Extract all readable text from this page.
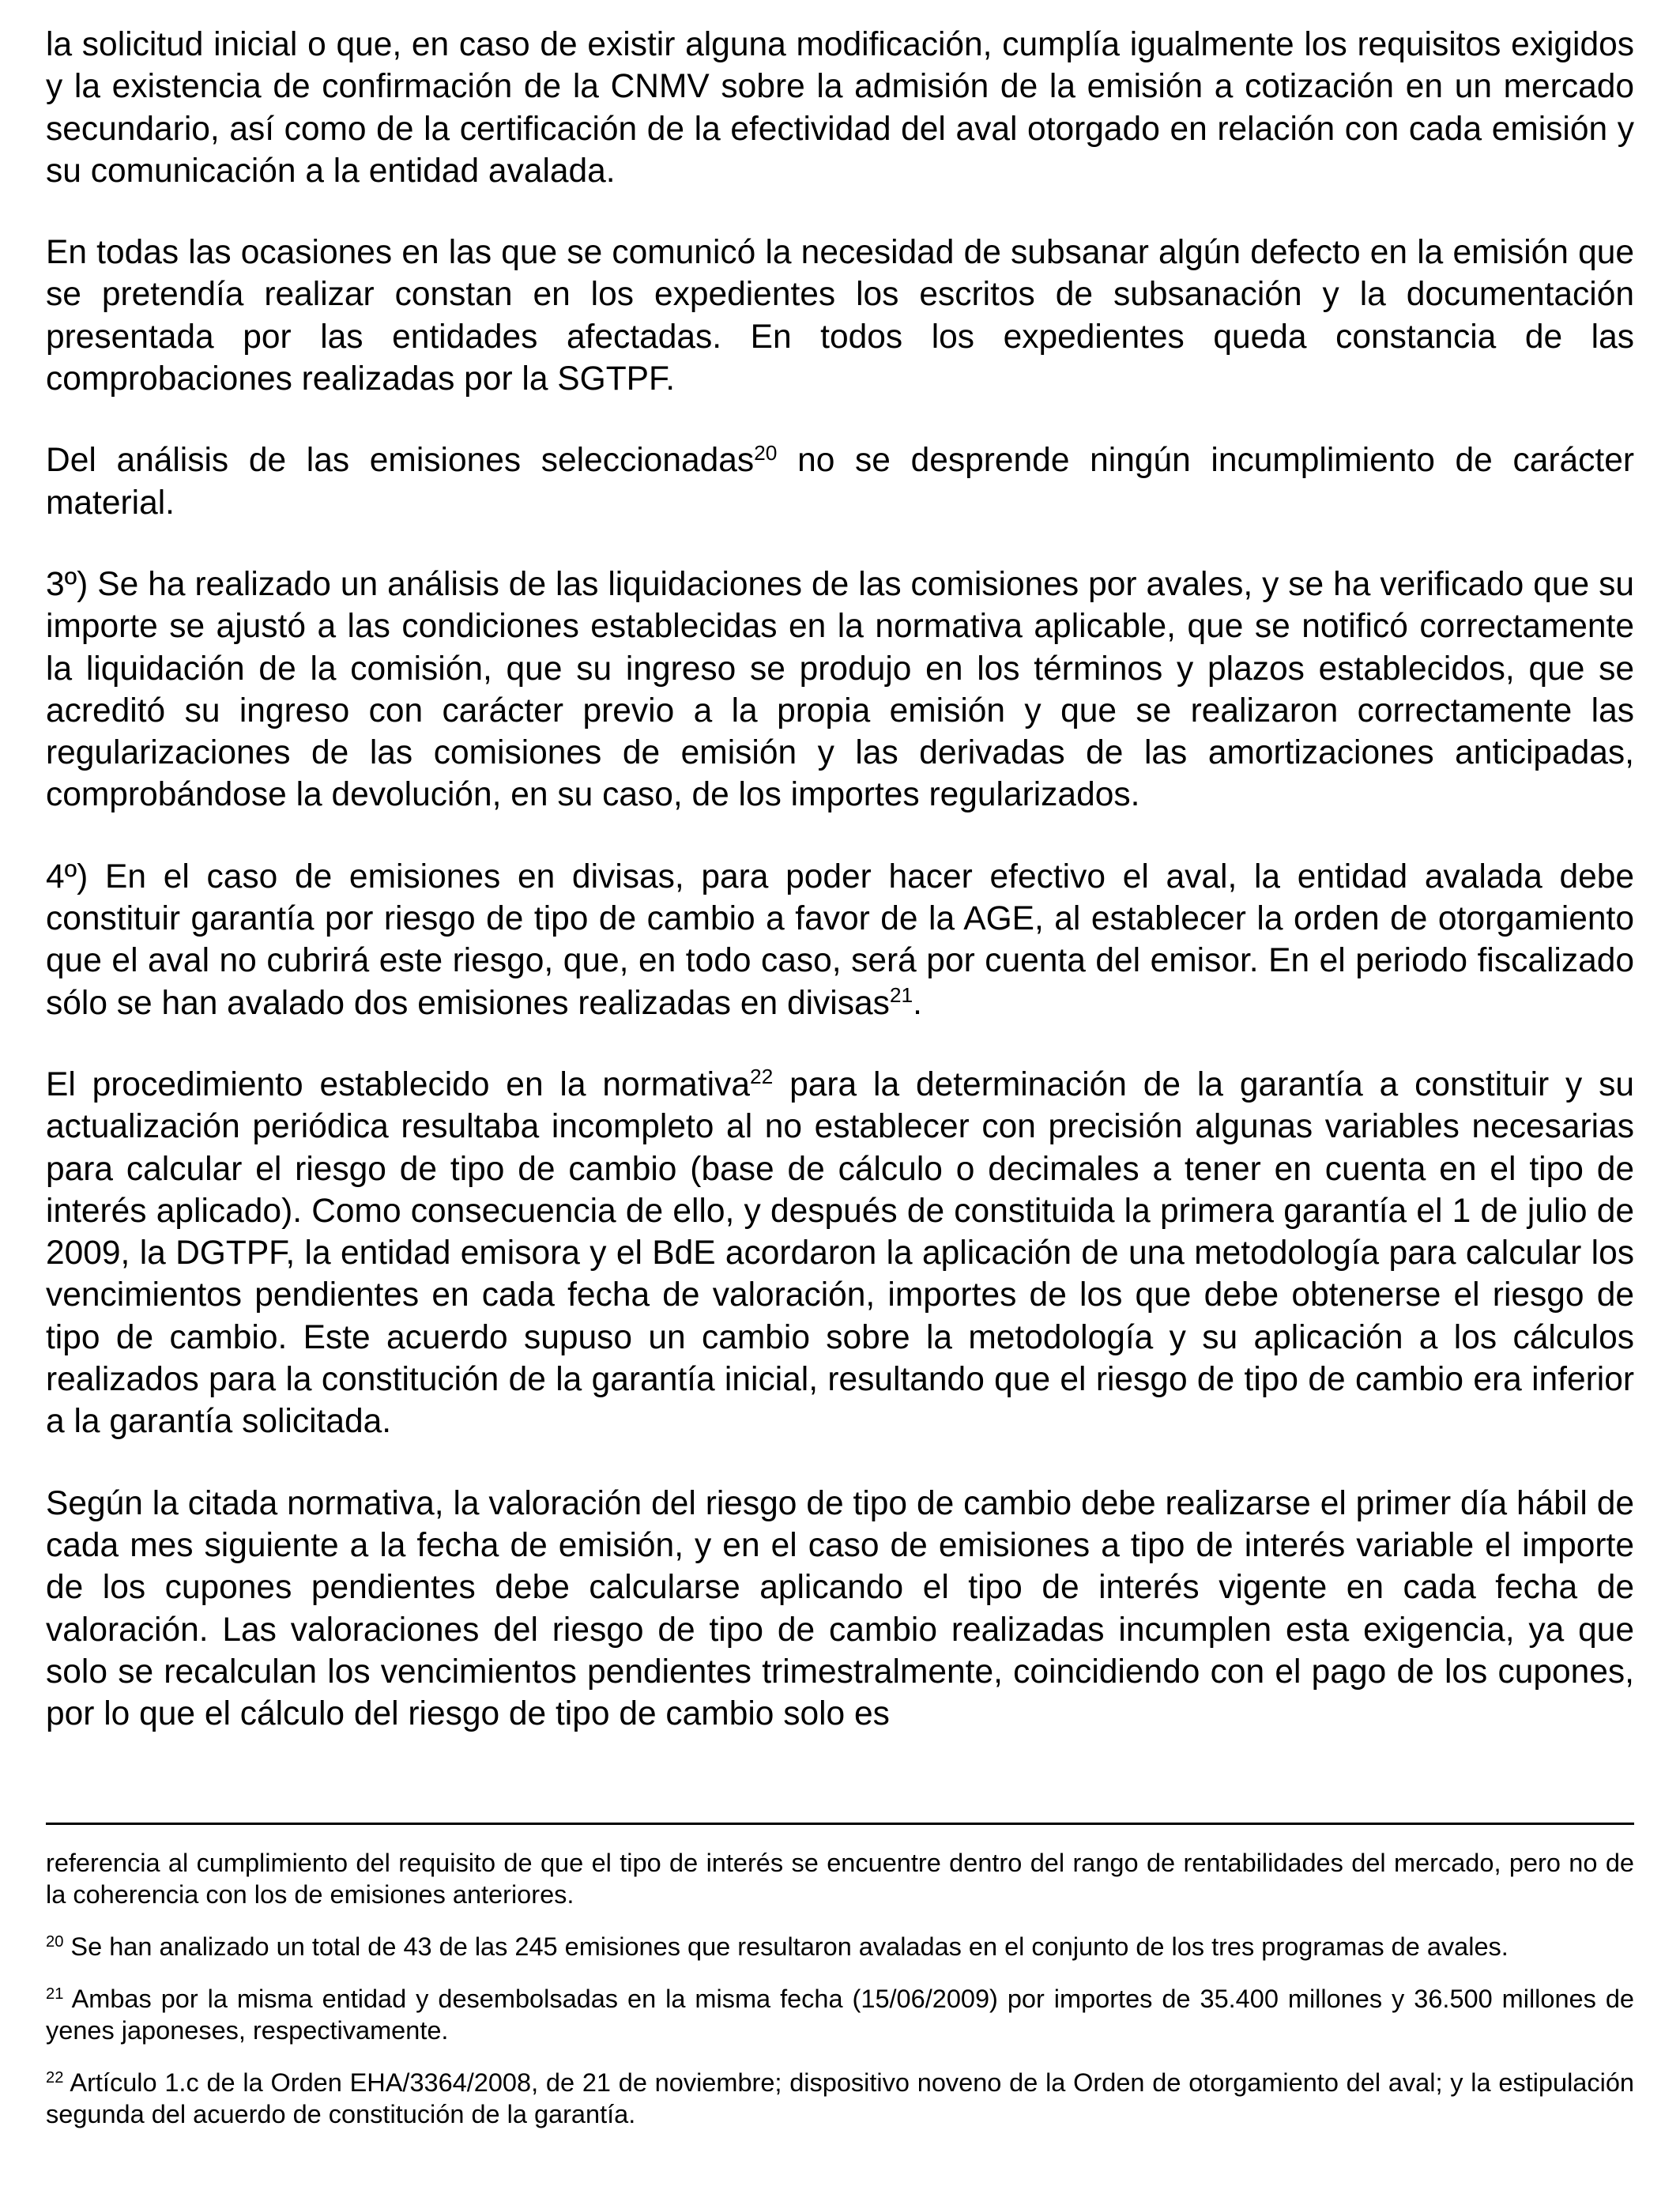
la solicitud inicial o que, en caso de existir alguna modificación, cumplía igualmente los requisitos exigidos y la existencia de confirmación de la CNMV sobre la admisión de la emisión a cotización en un mercado secundario, así como de la certificación de la efectividad del aval otorgado en relación con cada emisión y su comunicación a la entidad avalada.

En todas las ocasiones en las que se comunicó la necesidad de subsanar algún defecto en la emisión que se pretendía realizar constan en los expedientes los escritos de subsanación y la documentación presentada por las entidades afectadas. En todos los expedientes queda constancia de las comprobaciones realizadas por la SGTPF.

Del análisis de las emisiones seleccionadas$^{20}$ no se desprende ningún incumplimiento de carácter material.

3º) Se ha realizado un análisis de las liquidaciones de las comisiones por avales, y se ha verificado que su importe se ajustó a las condiciones establecidas en la normativa aplicable, que se notificó correctamente la liquidación de la comisión, que su ingreso se produjo en los términos y plazos establecidos, que se acreditó su ingreso con carácter previo a la propia emisión y que se realizaron correctamente las regularizaciones de las comisiones de emisión y las derivadas de las amortizaciones anticipadas, comprobándose la devolución, en su caso, de los importes regularizados.

4º) En el caso de emisiones en divisas, para poder hacer efectivo el aval, la entidad avalada debe constituir garantía por riesgo de tipo de cambio a favor de la AGE, al establecer la orden de otorgamiento que el aval no cubrirá este riesgo, que, en todo caso, será por cuenta del emisor. En el periodo fiscalizado sólo se han avalado dos emisiones realizadas en divisas$^{21}$.

El procedimiento establecido en la normativa$^{22}$ para la determinación de la garantía a constituir y su actualización periódica resultaba incompleto al no establecer con precisión algunas variables necesarias para calcular el riesgo de tipo de cambio (base de cálculo o decimales a tener en cuenta en el tipo de interés aplicado). Como consecuencia de ello, y después de constituida la primera garantía el 1 de julio de 2009, la DGTPF, la entidad emisora y el BdE acordaron la aplicación de una metodología para calcular los vencimientos pendientes en cada fecha de valoración, importes de los que debe obtenerse el riesgo de tipo de cambio. Este acuerdo supuso un cambio sobre la metodología y su aplicación a los cálculos realizados para la constitución de la garantía inicial, resultando que el riesgo de tipo de cambio era inferior a la garantía solicitada.

Según la citada normativa, la valoración del riesgo de tipo de cambio debe realizarse el primer día hábil de cada mes siguiente a la fecha de emisión, y en el caso de emisiones a tipo de interés variable el importe de los cupones pendientes debe calcularse aplicando el tipo de interés vigente en cada fecha de valoración. Las valoraciones del riesgo de tipo de cambio realizadas incumplen esta exigencia, ya que solo se recalculan los vencimientos pendientes trimestralmente, coincidiendo con el pago de los cupones, por lo que el cálculo del riesgo de tipo de cambio solo es

referencia al cumplimiento del requisito de que el tipo de interés se encuentre dentro del rango de rentabilidades del mercado, pero no de la coherencia con los de emisiones anteriores.

$^{20}$ Se han analizado un total de 43 de las 245 emisiones que resultaron avaladas en el conjunto de los tres programas de avales.

$^{21}$ Ambas por la misma entidad y desembolsadas en la misma fecha (15/06/2009) por importes de 35.400 millones y 36.500 millones de yenes japoneses, respectivamente.

$^{22}$ Artículo 1.c de la Orden EHA/3364/2008, de 21 de noviembre; dispositivo noveno de la Orden de otorgamiento del aval; y la estipulación segunda del acuerdo de constitución de la garantía.
